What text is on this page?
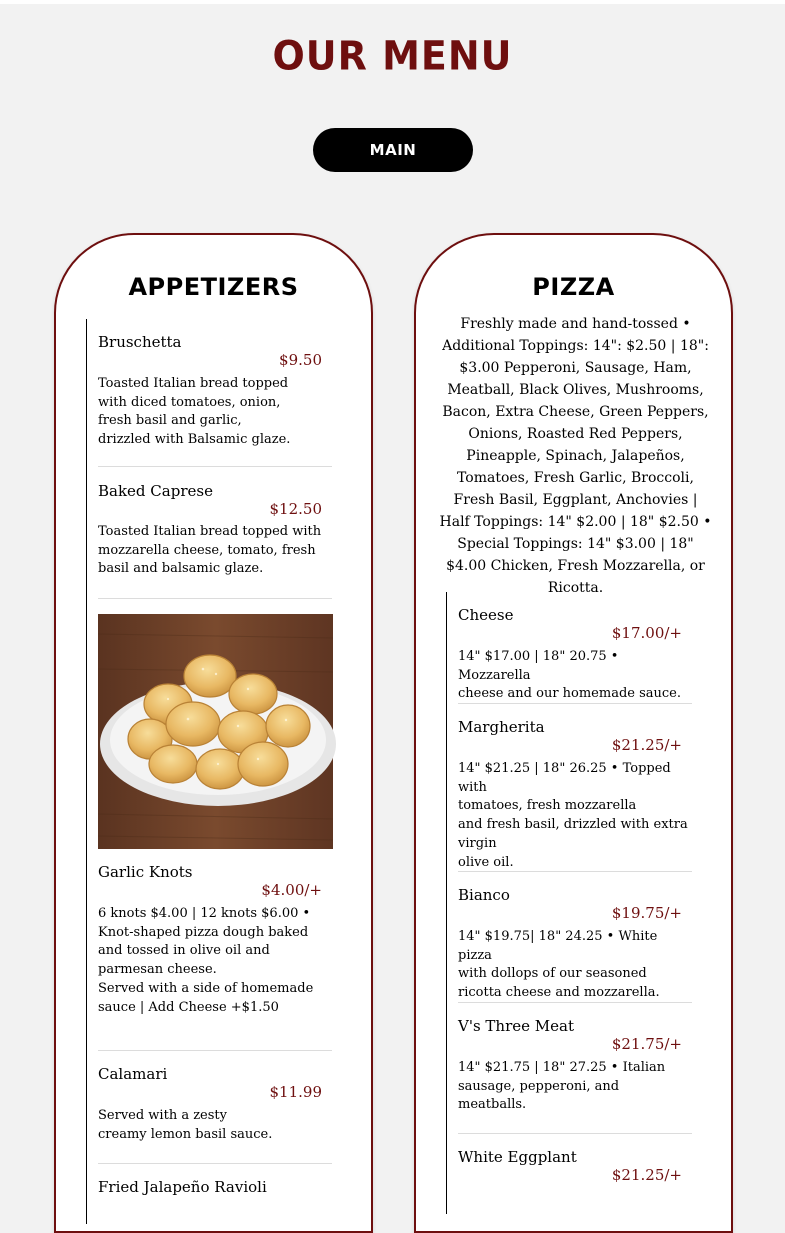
OUR MENU
MAIN
APPETIZERS
Bruschetta
$9.50
Toasted Italian bread topped
with diced tomatoes, onion,
fresh basil and garlic,
drizzled with Balsamic glaze.
Baked Caprese
$12.50
Toasted Italian bread topped with
mozzarella cheese, tomato, fresh
basil and balsamic glaze.
Garlic Knots
$4.00/+
6 knots $4.00 | 12 knots $6.00 •
Knot-shaped pizza dough baked
and tossed in olive oil and
parmesan cheese.
Served with a side of homemade
sauce | Add Cheese +$1.50
Calamari
$11.99
Served with a zesty
creamy lemon basil sauce.
Fried Jalapeño Ravioli
PIZZA
Freshly made and hand-tossed • Additional Toppings: 14": $2.50 | 18": $3.00 Pepperoni, Sausage, Ham, Meatball, Black Olives, Mushrooms, Bacon, Extra Cheese, Green Peppers, Onions, Roasted Red Peppers, Pineapple, Spinach, Jalapeños, Tomatoes, Fresh Garlic, Broccoli, Fresh Basil, Eggplant, Anchovies | Half Toppings: 14" $2.00 | 18" $2.50 • Special Toppings: 14" $3.00 | 18" $4.00 Chicken, Fresh Mozzarella, or Ricotta.
Cheese
$17.00/+
14" $17.00 | 18" 20.75 • Mozzarella
cheese and our homemade sauce.
Margherita
$21.25/+
14" $21.25 | 18" 26.25 • Topped with
tomatoes, fresh mozzarella
and fresh basil, drizzled with extra
virgin
olive oil.
Bianco
$19.75/+
14" $19.75| 18" 24.25 • White pizza
with dollops of our seasoned
ricotta cheese and mozzarella.
V's Three Meat
$21.75/+
14" $21.75 | 18" 27.25 • Italian
sausage, pepperoni, and
meatballs.
White Eggplant
$21.25/+
